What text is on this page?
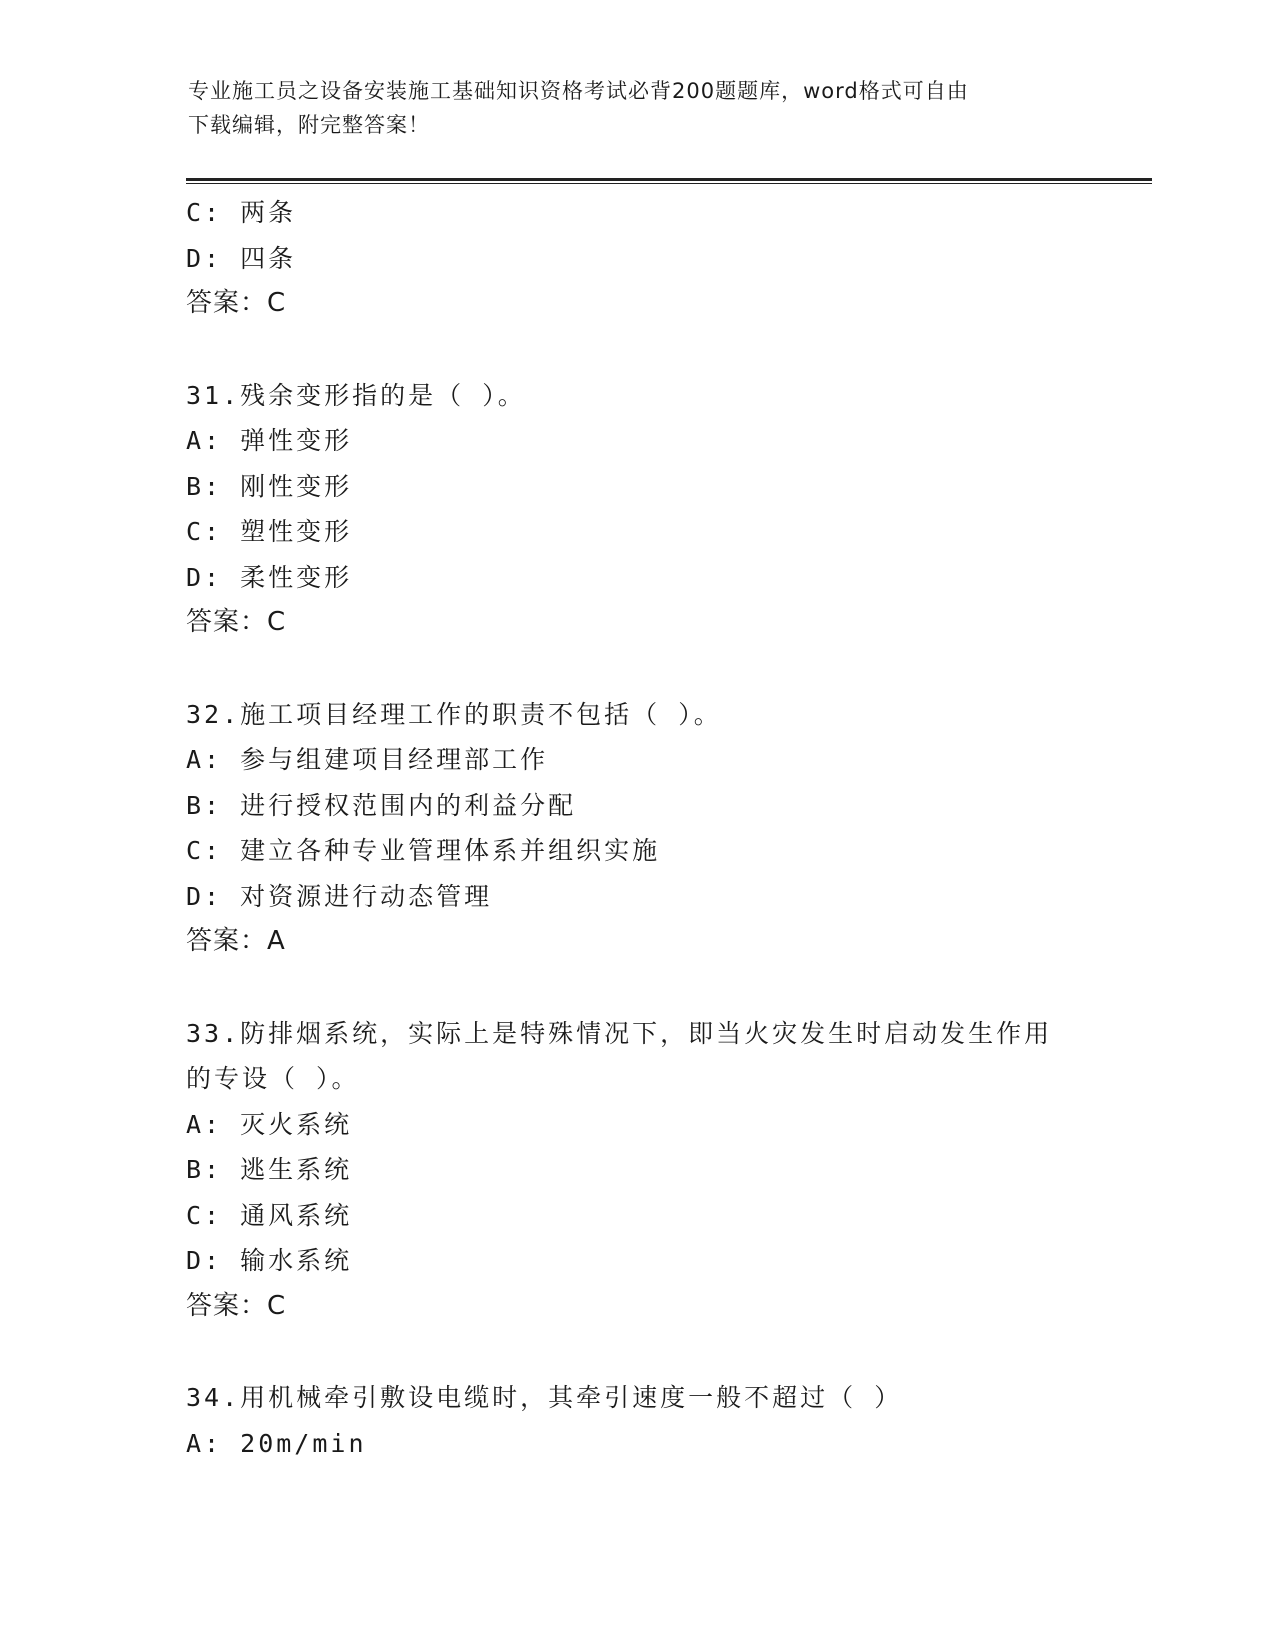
专业施工员之设备安装施工基础知识资格考试必背200题题库，word格式可自由
下载编辑，附完整答案！
C: 两条
D: 四条
答案：C
31.残余变形指的是（ ）。
A: 弹性变形
B: 刚性变形
C: 塑性变形
D: 柔性变形
答案：C
32.施工项目经理工作的职责不包括（ ）。
A: 参与组建项目经理部工作
B: 进行授权范围内的利益分配
C: 建立各种专业管理体系并组织实施
D: 对资源进行动态管理
答案：A
33.防排烟系统，实际上是特殊情况下，即当火灾发生时启动发生作用
的专设（ ）。
A: 灭火系统
B: 逃生系统
C: 通风系统
D: 输水系统
答案：C
34.用机械牵引敷设电缆时，其牵引速度一般不超过（ ）
A: 20m/min
